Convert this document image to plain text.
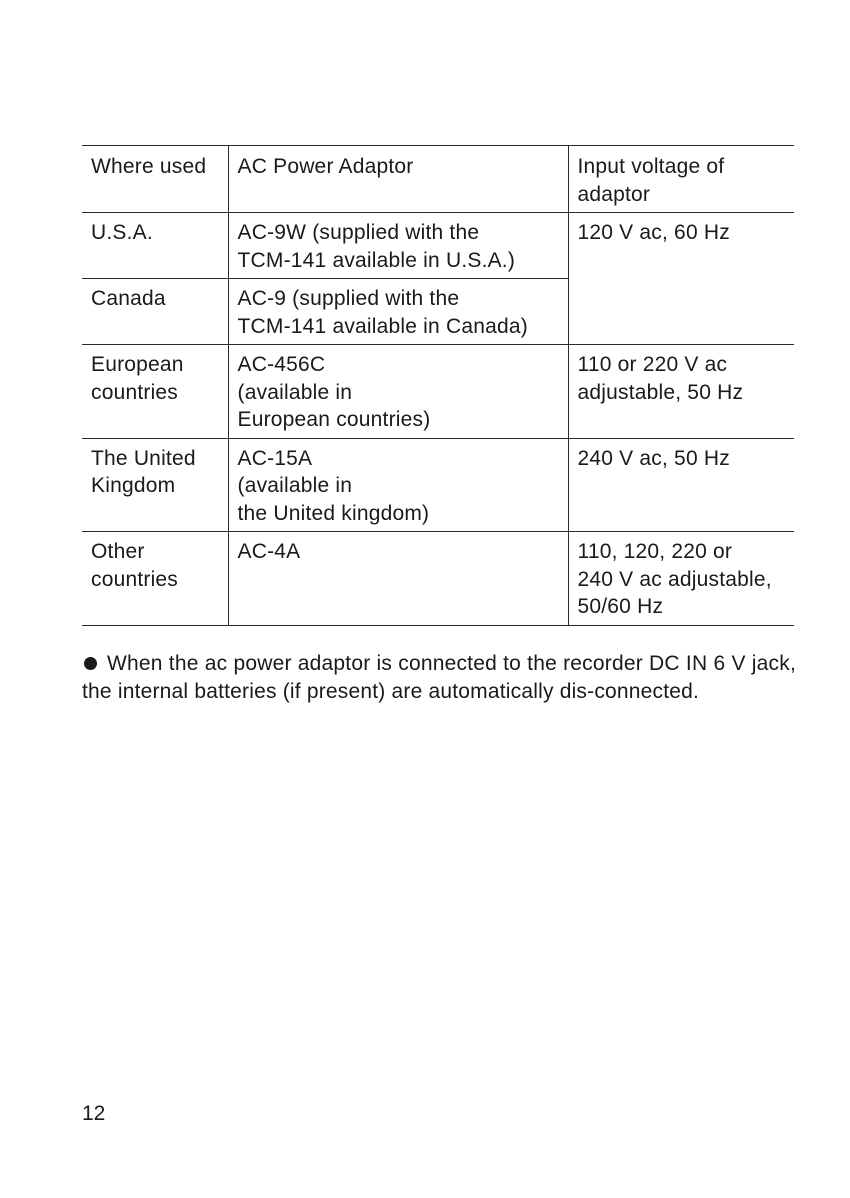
Where used	AC Power Adaptor	Input voltage of
adaptor

U.S.A.	AC-9W (supplied with the
TCM-141 available in U.S.A.)	120 V ac, 60 Hz

Canada	AC-9 (supplied with the
TCM-141 available in Canada)	

European
countries	AC-456C
(available in
European countries)	110 or 220 V ac
adjustable, 50 Hz

The United
Kingdom	AC-15A
(available in
the United kingdom)	240 V ac, 50 Hz

Other
countries	AC-4A	110, 120, 220 or
240 V ac adjustable,
50/60 Hz

When the ac power adaptor is connected to the recorder DC IN 6 V jack, the internal batteries (if present) are automatically dis-connected.

12
